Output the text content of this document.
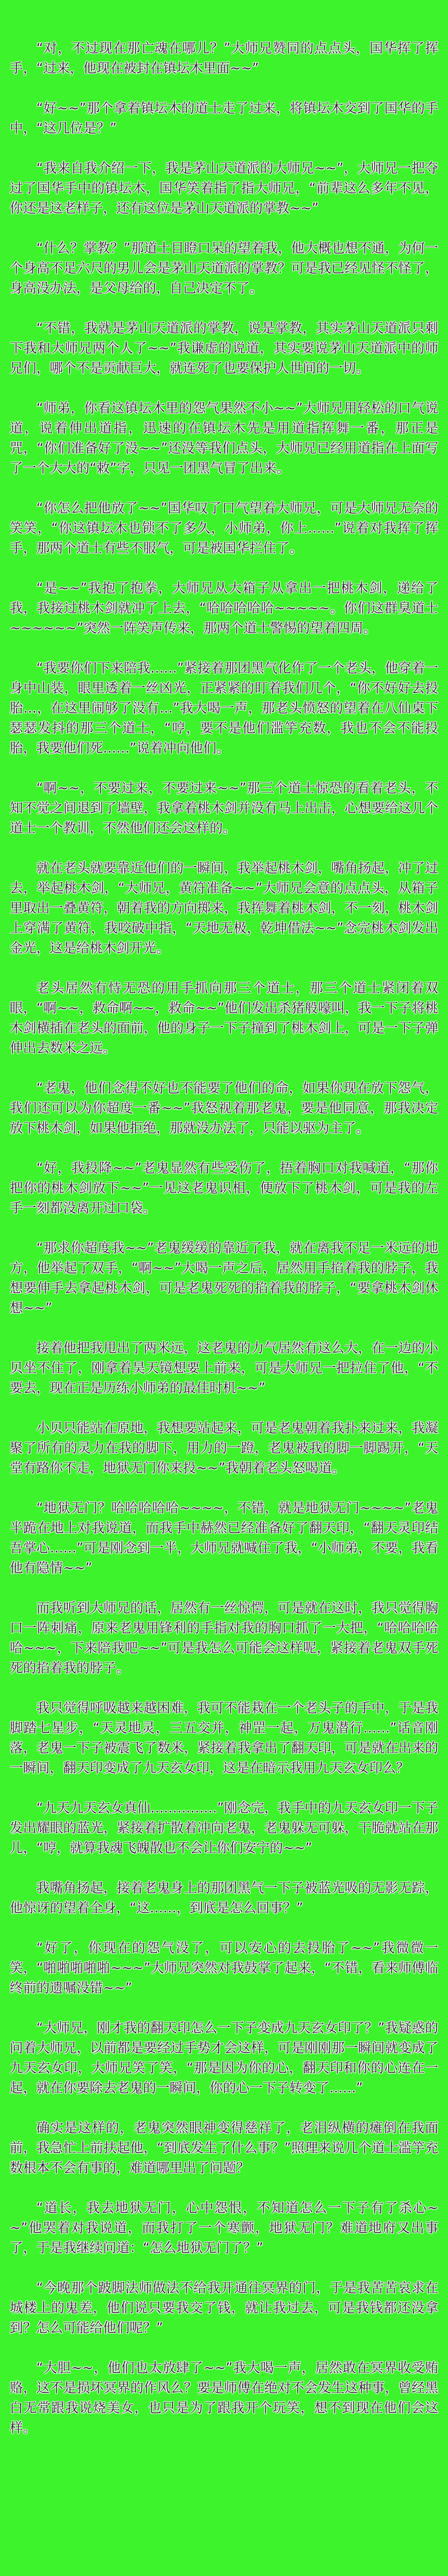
“对，不过现在那亡魂在哪儿？”大师兄赞同的点点头，国华挥了挥手，“过来，他现在被封在镇坛木里面~~”

“好~~”那个拿着镇坛木的道士走了过来，将镇坛木交到了国华的手中，“这几位是？”

“我来自我介绍一下，我是茅山天道派的大师兄~~”，大师兄一把夺过了国华手中的镇坛木，国华笑着指了指大师兄，“前辈这么多年不见，你还是这老样子，还有这位是茅山天道派的掌教~~”

“什么？掌教？”那道士目瞪口呆的望着我，他大概也想不通，为何一个身高不足六尺的男儿会是茅山天道派的掌教？可是我已经见怪不怪了，身高没办法，是父母给的，自己决定不了。

“不错，我就是茅山天道派的掌教，说是掌教，其实茅山天道派只剩下我和大师兄两个人了~~”我谦虚的说道，其实要说茅山天道派中的师兄们，哪个不是贡献巨大，就连死了也要保护人世间的一切。

“师弟，你看这镇坛木里的怨气果然不小~~”大师兄用轻松的口气说道，说着伸出道指，迅速的在镇坛木先是用道指挥舞一番，那正是咒，“你们准备好了没~~”还没等我们点头，大师兄已经用道指在上面写了一个大大的“敕”字，只见一团黑气冒了出来。

“你怎么把他放了~~”国华叹了口气望着大师兄，可是大师兄无奈的笑笑，“你这镇坛木也锁不了多久，小师弟，你上……”说着对我挥了挥手，那两个道士有些不服气，可是被国华拦住了。

“是~~”我抱了抱拳，大师兄从大箱子从拿出一把桃木剑，递给了我，我接过桃木剑就冲了上去，“哈哈哈哈哈~~~~~。你们这群臭道士~~~~~~”突然一阵笑声传来，那两个道士警惕的望着四周。

“我要你们下来陪我……”紧接着那团黑气化作了一个老头，他穿着一身中山装，眼里透着一丝凶光，正紧紧的盯着我们几个，“你不好好去投胎…，在这里闹够了没有…”我大喝一声，那老头愤怒的望着在八仙桌下瑟瑟发抖的那三个道士，“哼，要不是他们滥竽充数，我也不会不能投胎，我要他们死……”说着冲向他们。

“啊~~，不要过来，不要过来~~”那三个道士惊恐的看着老头，不知不觉之间退到了墙壁，我拿着桃木剑并没有马上出击，心想要给这几个道士一个教训，不然他们还会这样的。

就在老头就要靠近他们的一瞬间，我举起桃木剑，嘴角扬起，冲了过去，举起桃木剑，“大师兄，黄符准备~~”大师兄会意的点点头，从箱子里取出一叠黄符，朝着我的方向掷来，我挥舞着桃木剑，不一刻，桃木剑上穿满了黄符，我咬破中指，“天地无极，乾坤借法~~”念完桃木剑发出金光，这是给桃木剑开光。

老头居然有恃无恐的用手抓向那三个道士，那三个道士紧闭着双眼，“啊~~，救命啊~~，救命~~”他们发出杀猪般嚎叫，我一下子将桃木剑横插在老头的面前，他的身子一下子撞到了桃木剑上，可是一下子弹伸出去数米之远。

“老鬼，他们念得不好也不能要了他们的命，如果你现在放下怨气，我们还可以为你超度一番~~”我怒视着那老鬼，要是他同意，那我决定放下桃木剑，如果他拒绝，那就没办法了，只能以驱为主了。

“好，我投降~~”老鬼显然有些受伤了，捂着胸口对我喊道，“那你把你的桃木剑放下~~”一见这老鬼识相，便放下了桃木剑，可是我的左手一刻都没离开过口袋。

“那求你超度我~~”老鬼缓缓的靠近了我，就在离我不足一米远的地方，他举起了双手，“啊~~”大喝一声之后，居然用手掐着我的脖子，我想要伸手去拿起桃木剑，可是老鬼死死的掐着我的脖子，“要拿桃木剑休想~~”

接着他把我甩出了两米远，这老鬼的力气居然有这么大，在一边的小贝坐不住了，刚拿着昊天镜想要上前来，可是大师兄一把拉住了他，“不要去，现在正是历练小师弟的最佳时机~~”

小贝只能站在原地，我想要站起来，可是老鬼朝着我扑来过来，我凝聚了所有的灵力在我的脚下，用力的一蹬，老鬼被我的脚一脚踢开，“天堂有路你不走，地狱无门你来投~~”我朝着老头怒喝道。

“地狱无门？哈哈哈哈哈~~~~，不错，就是地狱无门~~~~”老鬼半跪在地上对我说道，而我手中赫然已经准备好了翻天印，“翻天灵印结吾掌心……”可是刚念到一半，大师兄就喊住了我，“小师弟，不要，我看他有隐情~~”

而我听到大师兄的话，居然有一丝惊愕，可是就在这时，我只觉得胸口一阵刺痛，原来老鬼用锋利的手指对我的胸口抓了一大把，“哈哈哈哈哈~~~，下来陪我吧~~”可是我怎么可能会这样呢，紧接着老鬼双手死死的掐着我的脖子。

我只觉得呼吸越来越困难，我可不能栽在一个老头子的手中，于是我脚踏七星步，“天灵地灵，三五交并，神罡一起，万鬼潜行……”话音刚落，老鬼一下子被震飞了数米，紧接着我拿出了翻天印，可是就在出来的一瞬间，翻天印变成了九天玄女印，这是在暗示我用九天玄女印么？

“九天九天玄女真仙……………”刚念完，我手中的九天玄女印一下子发出耀眼的蓝光，紧接着扩散着冲向老鬼，老鬼躲无可躲，干脆就站在那儿，“哼，就算我魂飞魄散也不会让你们安宁的~~”

我嘴角扬起，接着老鬼身上的那团黑气一下子被蓝光吸的无影无踪，他惊讶的望着全身，“这……，到底是怎么回事？”

“好了，你现在的怨气没了，可以安心的去投胎了~~”我微微一笑，“啪啪啪啪啪~~~”大师兄突然对我鼓掌了起来，“不错，看来师傅临终前的遗嘱没错~~”

“大师兄，刚才我的翻天印怎么一下子变成九天玄女印了？”我疑惑的问着大师兄，以前都是要经过手势才会这样，可是刚刚那一瞬间就变成了九天玄女印，大师兄笑了笑，“那是因为你的心，翻天印和你的心连在一起，就在你要除去老鬼的一瞬间，你的心一下子转变了……”

确实是这样的，老鬼突然眼神变得慈祥了，老泪纵横的瘫倒在我面前，我急忙上前扶起他，“到底发生了什么事？”照理来说几个道士滥竽充数根本不会有事的，难道哪里出了问题？

“道长，我去地狱无门，心中怨恨，不知道怎么一下子有了杀心~~”他哭着对我说道，而我打了一个寒颤，地狱无门？难道地府又出事了，于是我继续问道：“怎么地狱无门了？”

“今晚那个跛脚法师做法不给我开通往冥界的门，于是我苦苦哀求在城楼上的鬼差，他们说只要我交了钱，就让我过去，可是我钱都还没拿到？怎么可能给他们呢？”

“大胆~~，他们也太放肆了~~”我大喝一声，居然敢在冥界收受贿赂，这不是损坏冥界的作风么？要是师傅在绝对不会发生这种事，曾经黑白无常跟我说烧美女，也只是为了跟我开个玩笑，想不到现在他们会这样。
